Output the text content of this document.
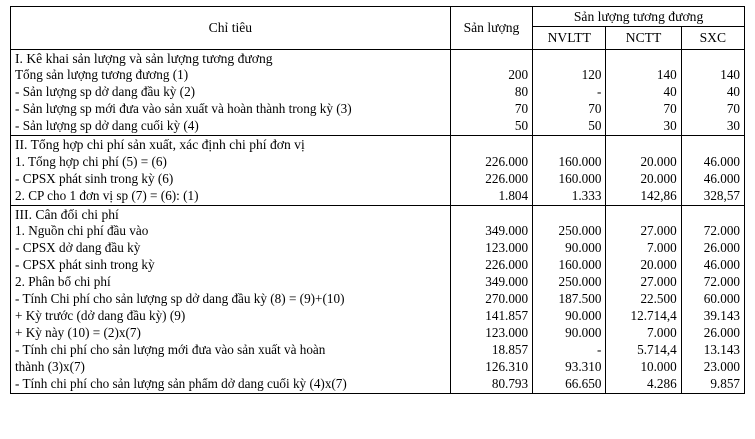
Chỉ tiêu	Sản lượng	Sản lượng tương đương		
		NVLTT	NCTT	SXC
I. Kê khai sản lượng và sản lượng tương đương				
Tổng sản lượng tương đương (1)	200	120	140	140
- Sản lượng sp dở dang đầu kỳ (2)	80	-	40	40
- Sản lượng sp mới đưa vào sản xuất và hoàn thành trong kỳ (3)	70	70	70	70
- Sản lượng sp dở dang cuối kỳ (4)	50	50	30	30
II. Tổng hợp chi phí sản xuất, xác định chi phí đơn vị				
1. Tổng hợp chi phí (5) = (6)	226.000	160.000	20.000	46.000
- CPSX phát sinh trong kỳ (6)	226.000	160.000	20.000	46.000
2. CP cho 1 đơn vị sp (7) = (6): (1)	1.804	1.333	142,86	328,57
III. Cân đối chi phí				
1. Nguồn chi phí đầu vào	349.000	250.000	27.000	72.000
- CPSX dở dang đầu kỳ	123.000	90.000	7.000	26.000
- CPSX phát sinh trong kỳ	226.000	160.000	20.000	46.000
2. Phân bổ chi phí	349.000	250.000	27.000	72.000
- Tính Chi phí cho sản lượng sp dở dang đầu kỳ (8) = (9)+(10)	270.000	187.500	22.500	60.000
+ Kỳ trước (dở dang đầu kỳ) (9)	141.857	90.000	12.714,4	39.143
+ Kỳ này (10) = (2)x(7)	123.000	90.000	7.000	26.000
- Tính chi phí cho sản lượng mới đưa vào sản xuất và hoàn	18.857	-	5.714,4	13.143
thành (3)x(7)	126.310	93.310	10.000	23.000
- Tính chi phí cho sản lượng sản phẩm dở dang cuối kỳ (4)x(7)	80.793	66.650	4.286	9.857
